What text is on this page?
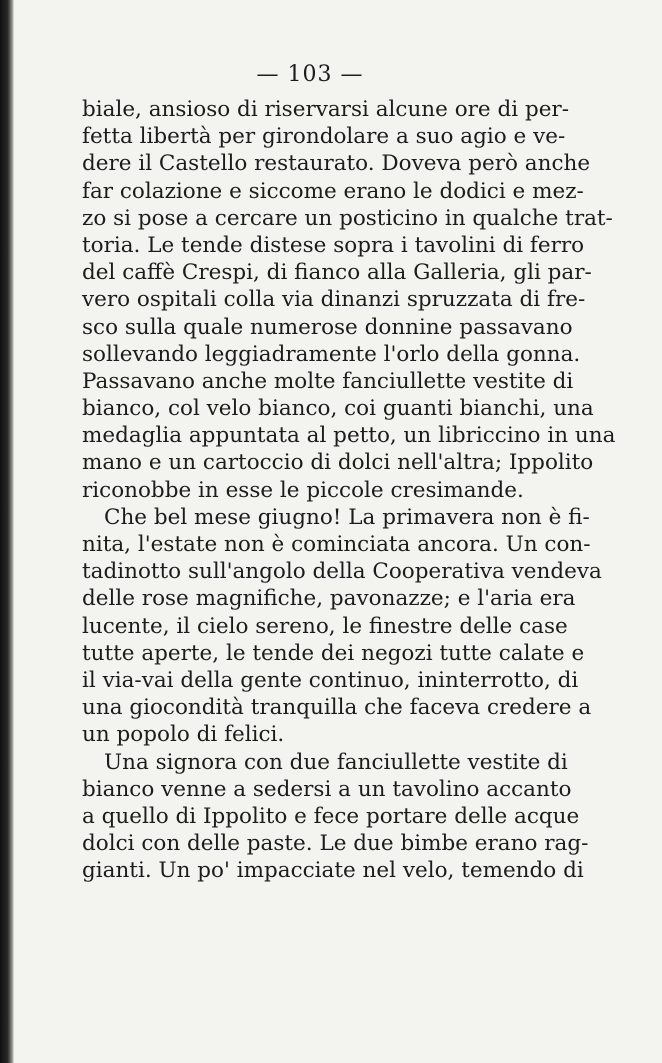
— 103 —
biale, ansioso di riservarsi alcune ore di per-
fetta libertà per girondolare a suo agio e ve-
dere il Castello restaurato. Doveva però anche
far colazione e siccome erano le dodici e mez-
zo si pose a cercare un posticino in qualche trat-
toria. Le tende distese sopra i tavolini di ferro
del caffè Crespi, di fianco alla Galleria, gli par-
vero ospitali colla via dinanzi spruzzata di fre-
sco sulla quale numerose donnine passavano
sollevando leggiadramente l'orlo della gonna.
Passavano anche molte fanciullette vestite di
bianco, col velo bianco, coi guanti bianchi, una
medaglia appuntata al petto, un libriccino in una
mano e un cartoccio di dolci nell'altra; Ippolito
riconobbe in esse le piccole cresimande.
Che bel mese giugno! La primavera non è fi-
nita, l'estate non è cominciata ancora. Un con-
tadinotto sull'angolo della Cooperativa vendeva
delle rose magnifiche, pavonazze; e l'aria era
lucente, il cielo sereno, le finestre delle case
tutte aperte, le tende dei negozi tutte calate e
il via-vai della gente continuo, ininterrotto, di
una giocondità tranquilla che faceva credere a
un popolo di felici.
Una signora con due fanciullette vestite di
bianco venne a sedersi a un tavolino accanto
a quello di Ippolito e fece portare delle acque
dolci con delle paste. Le due bimbe erano rag-
gianti. Un po' impacciate nel velo, temendo di
